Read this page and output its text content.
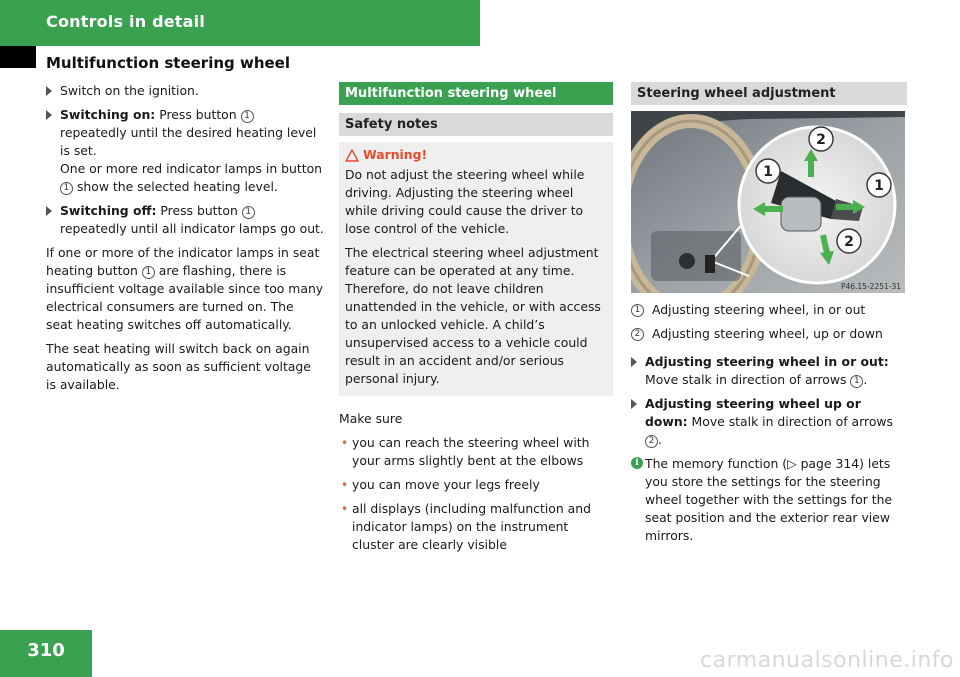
Controls in detail
Multifunction steering wheel
Switch on the ignition.
Switching on: Press button 1 repeatedly until the desired heating level is set.
One or more red indicator lamps in button 1 show the selected heating level.
Switching off: Press button 1 repeatedly until all indicator lamps go out.

If one or more of the indicator lamps in seat heating button 1 are flashing, there is insufficient voltage available since too many electrical consumers are turned on. The seat heating switches off automatically.

The seat heating will switch back on again automatically as soon as sufficient voltage is available.

Multifunction steering wheel
Safety notes
Warning!

Do not adjust the steering wheel while driving. Adjusting the steering wheel while driving could cause the driver to lose control of the vehicle.

The electrical steering wheel adjustment feature can be operated at any time. Therefore, do not leave children unattended in the vehicle, or with access to an unlocked vehicle. A child’s unsupervised access to a vehicle could result in an accident and/or serious personal injury.

Make sure

• you can reach the steering wheel with your arms slightly bent at the elbows
• you can move your legs freely
• all displays (including malfunction and indicator lamps) on the instrument cluster are clearly visible
Steering wheel adjustment
1
1
2
2
P46.15-2251-31
1 Adjusting steering wheel, in or out
2 Adjusting steering wheel, up or down
Adjusting steering wheel in or out: Move stalk in direction of arrows 1 .
Adjusting steering wheel up or down: Move stalk in direction of arrows 2 .
i The memory function (▷ page 314) lets you store the settings for the steering wheel together with the settings for the seat position and the exterior rear view mirrors.
310	carmanualsonline.info
